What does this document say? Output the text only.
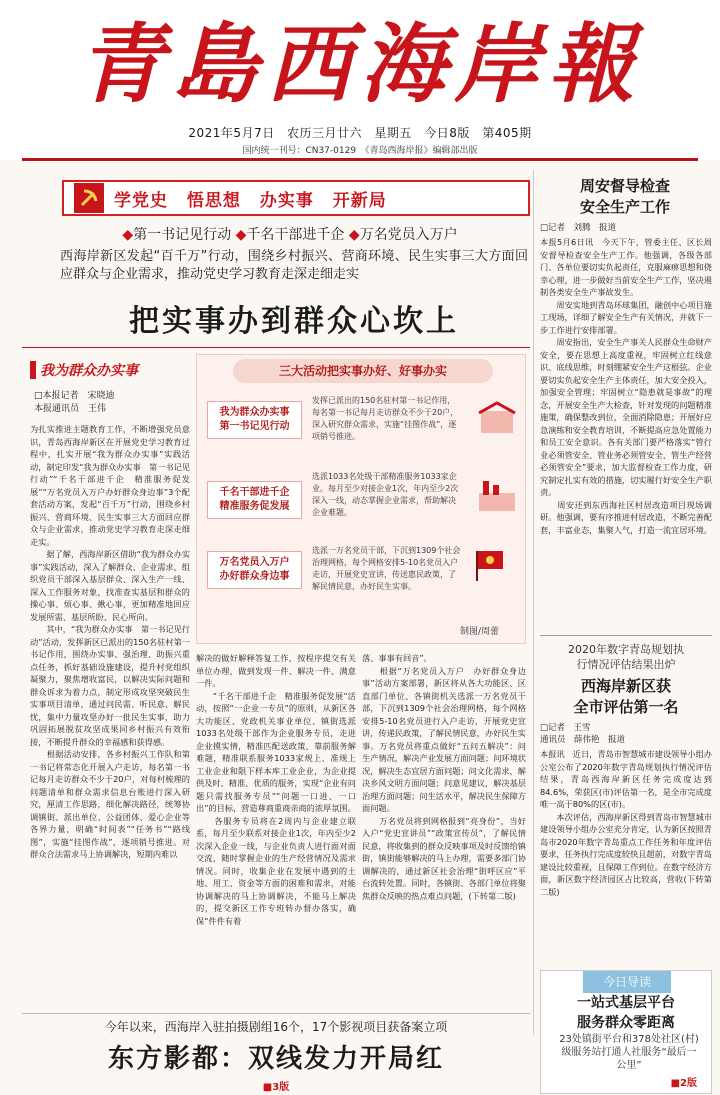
青島西海岸報
2021年5月7日 农历三月廿六 星期五 今日8版 第405期
国内统一刊号：CN37-0129　《青岛西海岸报》编辑部出版
学党史 悟思想 办实事 开新局
◆第一书记见行动 ◆千名干部进千企 ◆万名党员入万户
西海岸新区发起“百千万”行动，围绕乡村振兴、营商环境、民生实事三大方面回应群众与企业需求，推动党史学习教育走深走细走实
把实事办到群众心坎上
我为群众办实事
□本报记者　宋晓迪
本报通讯员　王伟
三大活动把实事办好、好事办实
我为群众办实事　第一书记见行动
发挥已派出的150名驻村第一书记作用，每名第一书记每月走访群众不少于20户，深入研究群众需求，实施“挂图作战”，逐项销号推进。
千名干部进千企　精准服务促发展
选派1033名处级干部精准服务1033家企业。每月至少对接企业1次，年内至少2次深入一线，动态掌握企业需求，帮助解决企业难题。
万名党员入万户　办好群众身边事
选派一万名党员干部，下沉到1309个社会治理网格，每个网格安排5-10名党员入户走访，开展党史宣讲，传送惠民政策，了解民情民意，办好民生实事。
制图/周蕾
为扎实推进主题教育工作，不断增强党员意识，青岛西海岸新区在开展党史学习教育过程中，扎实开展“我为群众办实事”实践活动，制定印发“我为群众办实事　第一书记见行动”“千名干部进千企　精准服务促发展”“万名党员入万户办好群众身边事”3个配套活动方案，发起“百千万”行动，围绕乡村振兴、营商环境、民生实事三大方面回应群众与企业需求，推动党史学习教育走深走细走实。
　　据了解，西海岸新区借助“我为群众办实事”实践活动，深入了解群众、企业需求，组织党员干部深入基层群众、深入生产一线、深入工作服务对象，找准查实基层和群众的操心事、烦心事、揪心事，更加精准地回应发展所需、基层所盼、民心所向。
　　其中，“我为群众办实事　第一书记见行动”活动，发挥新区已派出的150名驻村第一书记作用，围绕办实事、强治理、助振兴重点任务，抓好基础设施建设，提升村党组织凝聚力，聚焦增收富民，以解决实际问题和群众诉求为着力点，制定形成攻坚突破民生实事项目清单，通过问民需、听民意、解民忧，集中力量攻坚办好一批民生实事，助力巩固拓展脱贫攻坚成果同乡村振兴有效衔接，不断提升群众的幸福感和获得感。
　　根据活动安排，各乡村振兴工作队和第一书记将常态化开展入户走访，每名第一书记每月走访群众不少于20户，对每村梳理的问题清单和群众需求信息台账进行深入研究，厘清工作思路，细化解决路径，统筹协调镇街、派出单位、公益团体、爱心企业等各界力量，明确“时间表”“任务书”“路线图”，实施“挂图作战”，逐项销号推进。对群众合法需求马上协调解决，短期内难以
解决的做好解释答复工作，按程序提交有关单位办理，做到发现一件、解决一件、满意一件。
　　“千名干部进千企　精准服务促发展”活动，按照“一企业一专员”的原则，从新区各大功能区、党政机关事业单位、镇街选派1033名处级干部作为企业服务专员，走进企业摸实情，精准匹配送政策，靠前服务解难题，精准联系服务1033家规上、准规上工业企业和限下样本库工业企业，为企业提供及时、精准、优质的服务，实现“企业有问题只需找服务专员”“问题一口进、一口出”的目标，营造尊商重商亲商的浓厚氛围。
　　各服务专员将在2周内与企业建立联系，每月至少联系对接企业1次，年内至少2次深入企业一线，与企业负责人进行面对面交流，随时掌握企业的生产经营情况及需求情况。同时，收集企业在发展中遇到的土地、用工、资金等方面的困难和需求，对能协调解决的马上协调解决，不能马上解决的，提交新区工作专班转办督办落实，确保“件件有着
落、事事有回音”。
　　根据“万名党员入万户　办好群众身边事”活动方案部署，新区将从各大功能区、区直部门单位、各镇街机关选派一万名党员干部，下沉到1309个社会治理网格，每个网格安排5-10名党员进行入户走访，开展党史宣讲，传递民政策，了解民情民意，办好民生实事。万名党员将重点做好“五问五解决”：问生产情况，解决产业发展方面问题；问环境状况，解决生态宜居方面问题；问文化需求，解决乡风文明方面问题；问意见建议，解决基层治理方面问题；问生活水平，解决民生保障方面问题。
　　万名党员将到网格报到“亮身份”，当好入户“党史宣讲员”“政策宣传员”，了解民情民意，将收集到的群众反映事项及时反馈给镇街，镇街能够解决的马上办理，需要多部门协调解决的，通过新区社会治理“街呼区应”平台流转处置。同时，各镇街、各部门单位将聚焦群众反映的热点难点问题，(下转第二版)
周安督导检查
安全生产工作
□记者　刘腾　报道
本报5月6日讯　今天下午，管委主任、区长周安督导检查安全生产工作。他强调，各级各部门、各单位要切实负起责任，克服麻痹思想和侥幸心理，进一步做好当前安全生产工作，坚决遏制各类安全生产事故发生。
　　周安实地到青岛环球集团，融创中心项目施工现场，详细了解安全生产有关情况，并就下一步工作进行安排部署。
　　周安指出，安全生产事关人民群众生命财产安全，要在思想上高度重视，牢固树立红线意识、底线思维，时刻绷紧安全生产这根弦。企业要切实负起安全生产主体责任，加大安全投入，加强安全管理；牢固树立“隐患就是事故”的理念，开展安全生产大检查，针对发现的问题精准施策，确保整改到位，全面消除隐患；开展好应急演练和安全教育培训，不断提高应急处置能力和员工安全意识。各有关部门要严格落实“管行业必须管安全、管业务必须管安全、管生产经营必须管安全”要求，加大监督检查工作力度，研究制定扎实有效的措施，切实履行好安全生产职责。
　　周安还到东西海社区村居改造项目现场调研。他强调，要有序推进村居改造，不断完善配套，丰富业态，集聚人气，打造一流宜居环境。
2020年数字青岛规划执
行情况评估结果出炉
西海岸新区获
全市评估第一名
□记者　王雪
通讯员　薛伟艳　报道
本报讯　近日，青岛市智慧城市建设领导小组办公室公布了2020年数字青岛规划执行情况评估结果，青岛西海岸新区任务完成度达到84.6%，荣获区(市)评估第一名，是全市完成度唯一高于80%的区(市)。
　　本次评估，西海岸新区得到青岛市智慧城市建设领导小组办公室充分肯定，认为新区按照青岛市2020年数字青岛重点工作任务和年度评估要求，任务执行完成度较快且超前，对数字青岛建设比较重视，且保障工作到位。在数字经济方面，新区数字经济园区占比较高，营收(下转第二版)
今日导读
一站式基层平台
服务群众零距离
23处镇街平台和378处社区(村)级服务站打通人社服务“最后一公里”
■2版
今年以来，西海岸入驻拍摄剧组16个，17个影视项目获备案立项
东方影都：双线发力开局红
■3版
